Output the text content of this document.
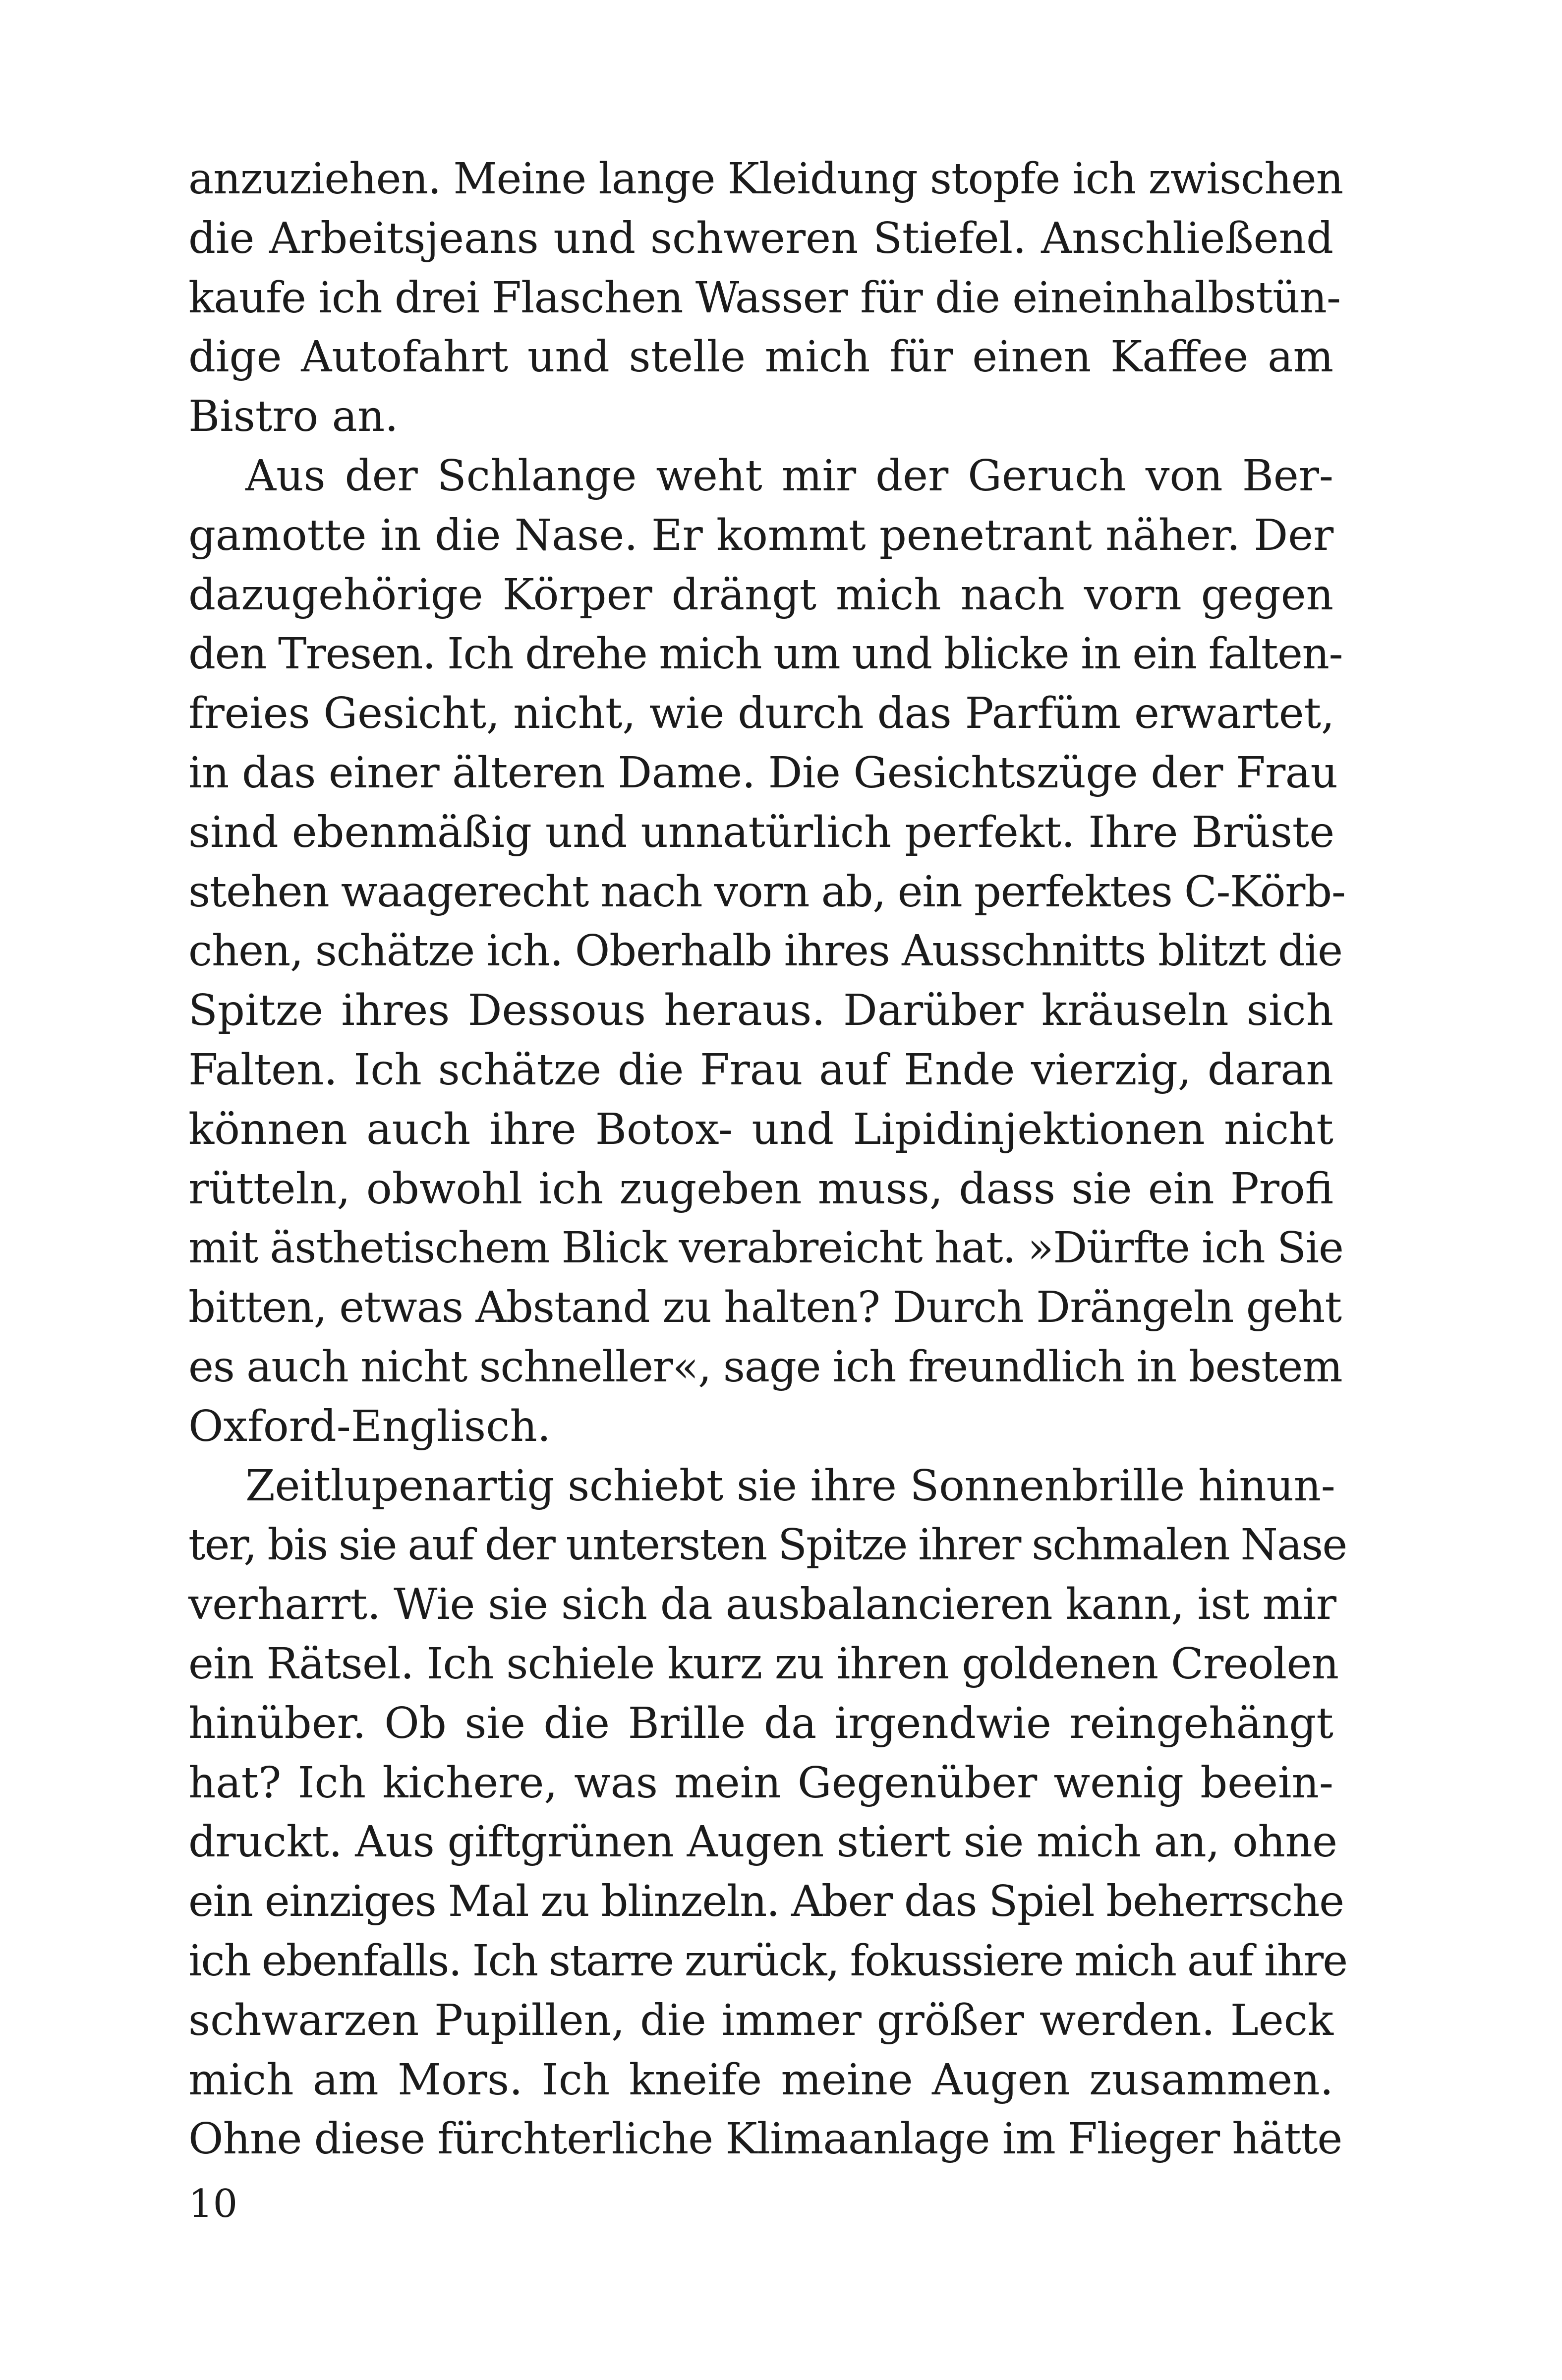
anzuziehen. Meine lange Kleidung stopfe ich zwischen
die Arbeitsjeans und schweren Stiefel. Anschließend
kaufe ich drei Flaschen Wasser für die eineinhalbstün-
dige Autofahrt und stelle mich für einen Kaffee am
Bistro an.
Aus der Schlange weht mir der Geruch von Ber-
gamotte in die Nase. Er kommt penetrant näher. Der
dazugehörige Körper drängt mich nach vorn gegen
den Tresen. Ich drehe mich um und blicke in ein falten-
freies Gesicht, nicht, wie durch das Parfüm erwartet,
in das einer älteren Dame. Die Gesichtszüge der Frau
sind ebenmäßig und unnatürlich perfekt. Ihre Brüste
stehen waagerecht nach vorn ab, ein perfektes C-Körb-
chen, schätze ich. Oberhalb ihres Ausschnitts blitzt die
Spitze ihres Dessous heraus. Darüber kräuseln sich
Falten. Ich schätze die Frau auf Ende vierzig, daran
können auch ihre Botox- und Lipidinjektionen nicht
rütteln, obwohl ich zugeben muss, dass sie ein Profi
mit ästhetischem Blick verabreicht hat. »Dürfte ich Sie
bitten, etwas Abstand zu halten? Durch Drängeln geht
es auch nicht schneller«, sage ich freundlich in bestem
Oxford-Englisch.
Zeitlupenartig schiebt sie ihre Sonnenbrille hinun-
ter, bis sie auf der untersten Spitze ihrer schmalen Nase
verharrt. Wie sie sich da ausbalancieren kann, ist mir
ein Rätsel. Ich schiele kurz zu ihren goldenen Creolen
hinüber. Ob sie die Brille da irgendwie reingehängt
hat? Ich kichere, was mein Gegenüber wenig beein-
druckt. Aus giftgrünen Augen stiert sie mich an, ohne
ein einziges Mal zu blinzeln. Aber das Spiel beherrsche
ich ebenfalls. Ich starre zurück, fokussiere mich auf ihre
schwarzen Pupillen, die immer größer werden. Leck
mich am Mors. Ich kneife meine Augen zusammen.
Ohne diese fürchterliche Klimaanlage im Flieger hätte
10
